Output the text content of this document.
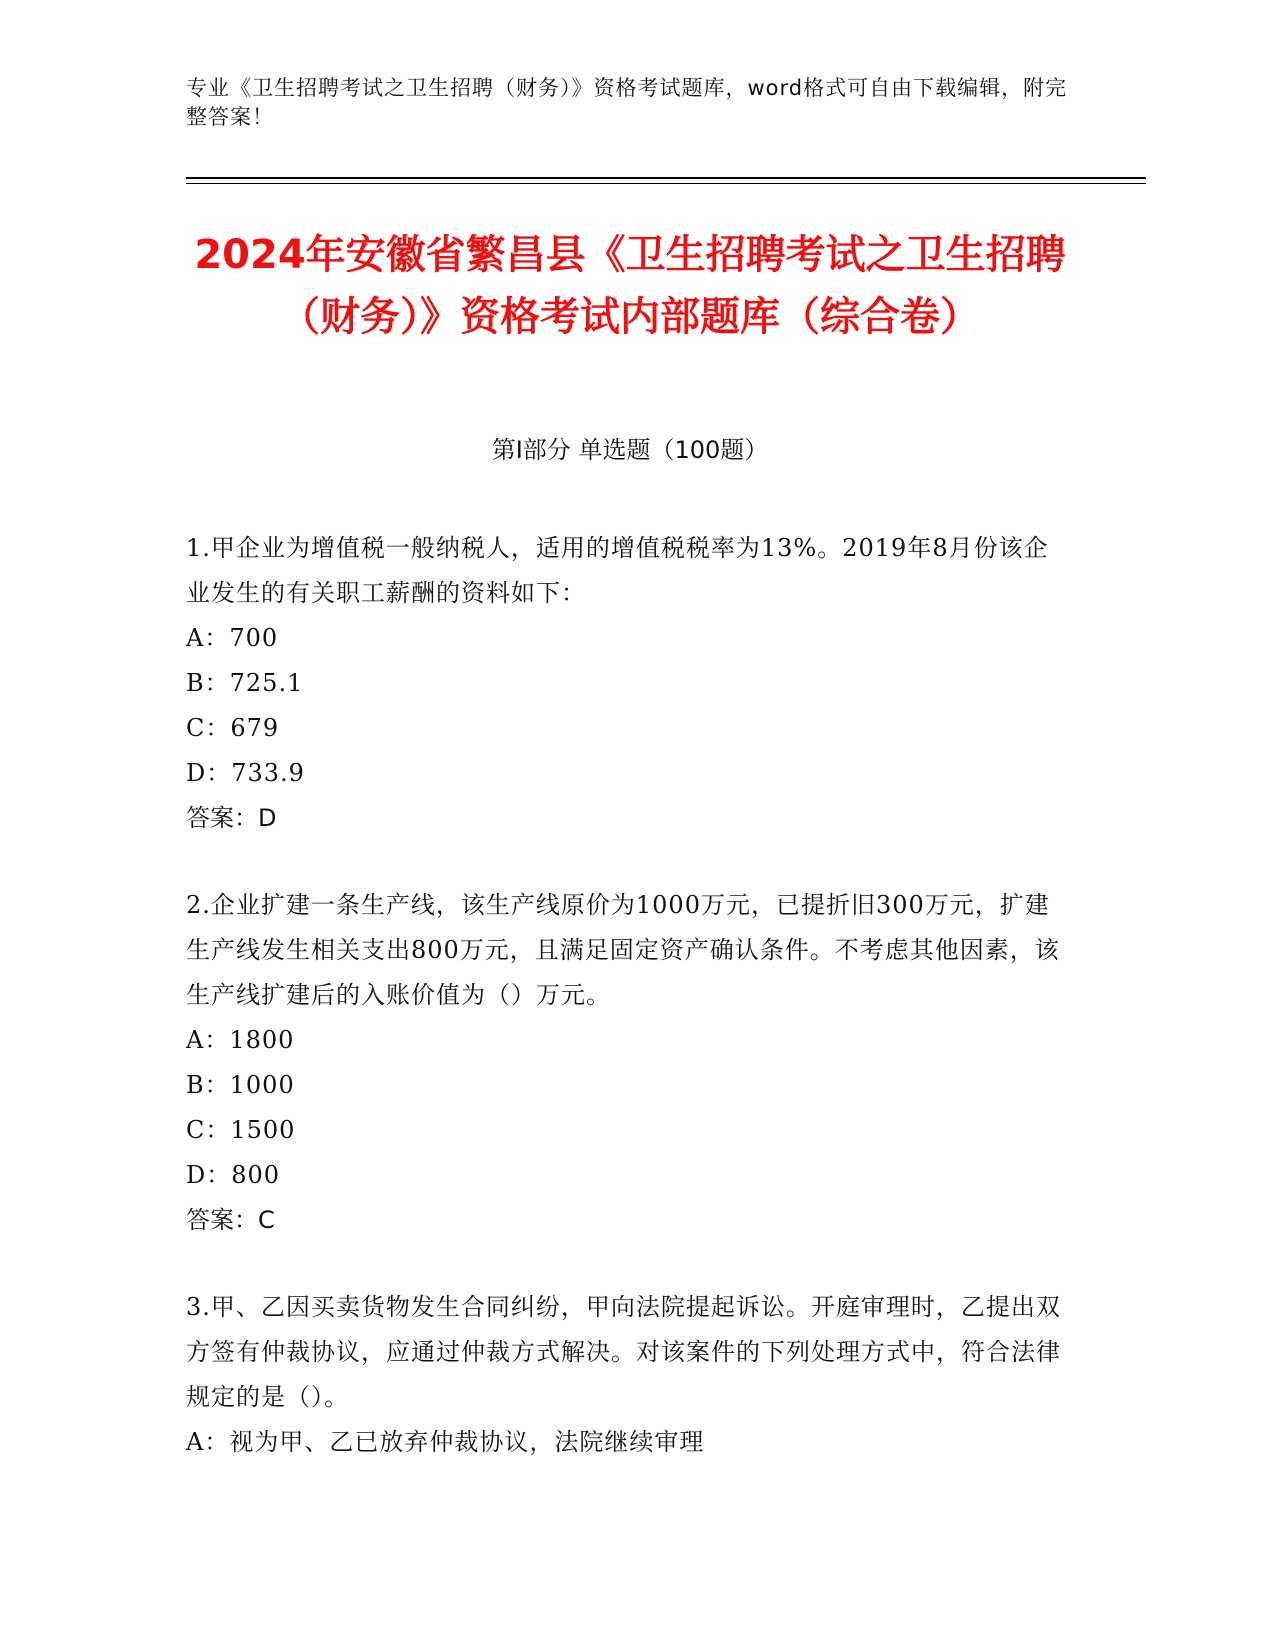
专业《卫生招聘考试之卫生招聘（财务）》资格考试题库，word格式可自由下载编辑，附完整答案！
2024年安徽省繁昌县《卫生招聘考试之卫生招聘（财务）》资格考试内部题库（综合卷）
第Ⅰ部分 单选题（100题）
1.甲企业为增值税一般纳税人，适用的增值税税率为13%。2019年8月份该企业发生的有关职工薪酬的资料如下：
A：700
B：725.1
C：679
D：733.9
答案：D
2.企业扩建一条生产线，该生产线原价为1000万元，已提折旧300万元，扩建生产线发生相关支出800万元，且满足固定资产确认条件。不考虑其他因素，该生产线扩建后的入账价值为（）万元。
A：1800
B：1000
C：1500
D：800
答案：C
3.甲、乙因买卖货物发生合同纠纷，甲向法院提起诉讼。开庭审理时，乙提出双方签有仲裁协议，应通过仲裁方式解决。对该案件的下列处理方式中，符合法律规定的是（）。
A：视为甲、乙已放弃仲裁协议，法院继续审理
